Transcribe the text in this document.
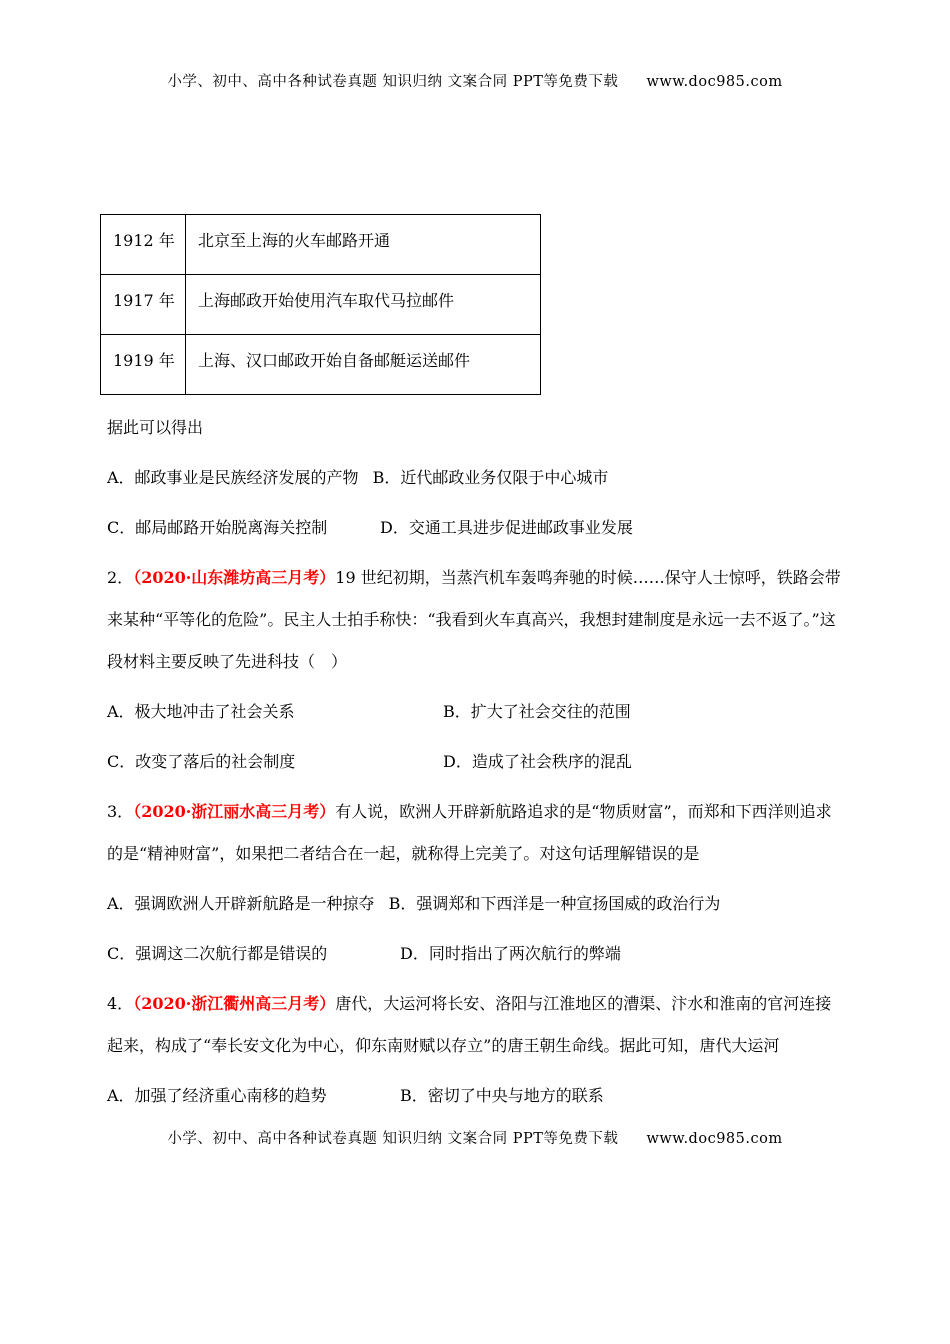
小学、初中、高中各种试卷真题 知识归纳 文案合同 PPT等免费下载 www.doc985.com
1912 年	北京至上海的火车邮路开通
1917 年	上海邮政开始使用汽车取代马拉邮件
1919 年	上海、汉口邮政开始自备邮艇运送邮件

据此可以得出

A．邮政事业是民族经济发展的产物 B．近代邮政业务仅限于中心城市
C．邮局邮路开始脱离海关控制	D．交通工具进步促进邮政事业发展

2．（2020·山东潍坊高三月考）19 世纪初期，当蒸汽机车轰鸣奔驰的时候……保守人士惊呼，铁路会带来某种“平等化的危险”。民主人士拍手称快：“我看到火车真高兴，我想封建制度是永远一去不返了。”这段材料主要反映了先进科技（　）

A．极大地冲击了社会关系	B．扩大了社会交往的范围
C．改变了落后的社会制度	D．造成了社会秩序的混乱

3．（2020·浙江丽水高三月考）有人说，欧洲人开辟新航路追求的是“物质财富”，而郑和下西洋则追求的是“精神财富”，如果把二者结合在一起，就称得上完美了。对这句话理解错误的是

A．强调欧洲人开辟新航路是一种掠夺 B．强调郑和下西洋是一种宣扬国威的政治行为
C．强调这二次航行都是错误的	D．同时指出了两次航行的弊端

4．（2020·浙江衢州高三月考）唐代，大运河将长安、洛阳与江淮地区的漕渠、汴水和淮南的官河连接起来，构成了“奉长安文化为中心，仰东南财赋以存立”的唐王朝生命线。据此可知，唐代大运河

A．加强了经济重心南移的趋势	B．密切了中央与地方的联系
小学、初中、高中各种试卷真题 知识归纳 文案合同 PPT等免费下载 www.doc985.com
